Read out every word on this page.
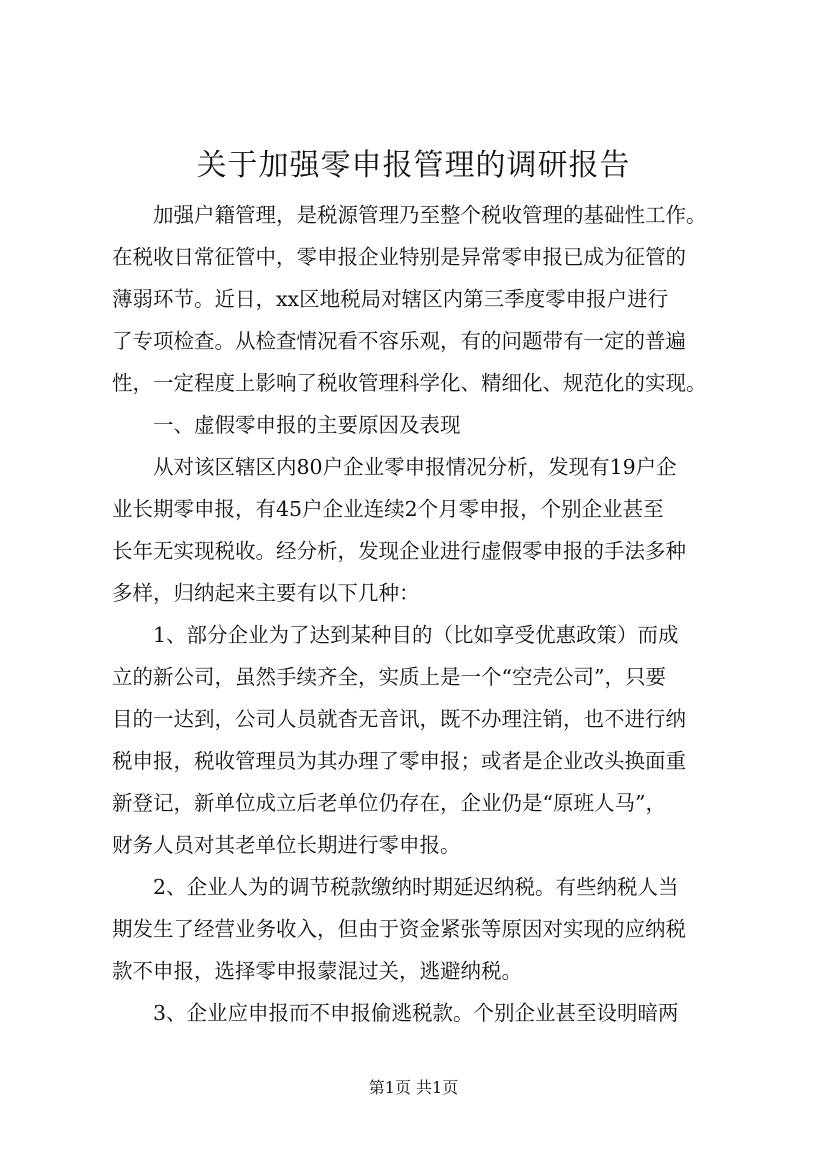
关于加强零申报管理的调研报告

加强户籍管理，是税源管理乃至整个税收管理的基础性工作。
在税收日常征管中，零申报企业特别是异常零申报已成为征管的
薄弱环节。近日，xx区地税局对辖区内第三季度零申报户进行
了专项检查。从检查情况看不容乐观，有的问题带有一定的普遍
性，一定程度上影响了税收管理科学化、精细化、规范化的实现。

一、虚假零申报的主要原因及表现

从对该区辖区内80户企业零申报情况分析，发现有19户企
业长期零申报，有45户企业连续2个月零申报，个别企业甚至
长年无实现税收。经分析，发现企业进行虚假零申报的手法多种
多样，归纳起来主要有以下几种：

1、部分企业为了达到某种目的（比如享受优惠政策）而成
立的新公司，虽然手续齐全，实质上是一个“空壳公司”，只要
目的一达到，公司人员就杳无音讯，既不办理注销，也不进行纳
税申报，税收管理员为其办理了零申报；或者是企业改头换面重
新登记，新单位成立后老单位仍存在，企业仍是“原班人马”，
财务人员对其老单位长期进行零申报。

2、企业人为的调节税款缴纳时期延迟纳税。有些纳税人当
期发生了经营业务收入，但由于资金紧张等原因对实现的应纳税
款不申报，选择零申报蒙混过关，逃避纳税。

3、企业应申报而不申报偷逃税款。个别企业甚至设明暗两

第1页 共1页
